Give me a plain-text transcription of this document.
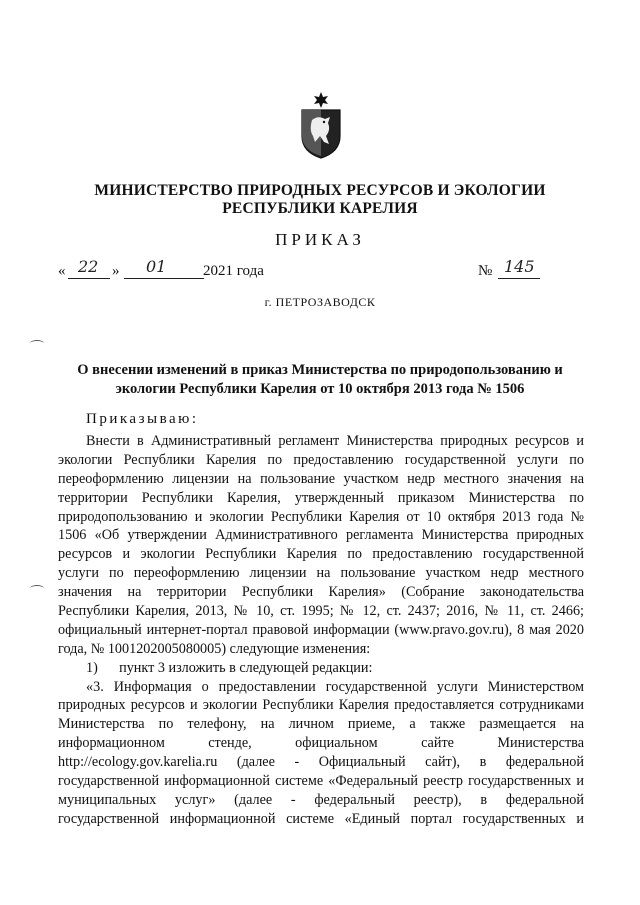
МИНИСТЕРСТВО ПРИРОДНЫХ РЕСУРСОВ И ЭКОЛОГИИ
РЕСПУБЛИКИ КАРЕЛИЯ
ПРИКАЗ
« 22 » 01 2021 года	№ 145
г. ПЕТРОЗАВОДСК
О внесении изменений в приказ Министерства по природопользованию и
экологии Республики Карелия от 10 октября 2013 года № 1506
Приказываю:
Внести в Административный регламент Министерства природных ресурсов и
экологии Республики Карелия по предоставлению государственной услуги по
переоформлению лицензии на пользование участком недр местного значения на
территории Республики Карелия, утвержденный приказом Министерства по
природопользованию и экологии Республики Карелия от 10 октября 2013 года №
1506 «Об утверждении Административного регламента Министерства природных
ресурсов и экологии Республики Карелия по предоставлению государственной
услуги по переоформлению лицензии на пользование участком недр местного
значения на территории Республики Карелия» (Собрание законодательства
Республики Карелия, 2013, № 10, ст. 1995; № 12, ст. 2437; 2016, № 11, ст. 2466;
официальный интернет-портал правовой информации (www.pravo.gov.ru), 8 мая 2020
года, № 1001202005080005) следующие изменения:
1)      пункт 3 изложить в следующей редакции:
«3. Информация о предоставлении государственной услуги Министерством
природных ресурсов и экологии Республики Карелия предоставляется сотрудниками
Министерства по телефону, на личном приеме, а также размещается на
информационном стенде, официальном сайте Министерства
http://ecology.gov.karelia.ru (далее - Официальный сайт), в федеральной
государственной информационной системе «Федеральный реестр государственных и
муниципальных услуг» (далее - федеральный реестр), в федеральной
государственной информационной системе «Единый портал государственных и
